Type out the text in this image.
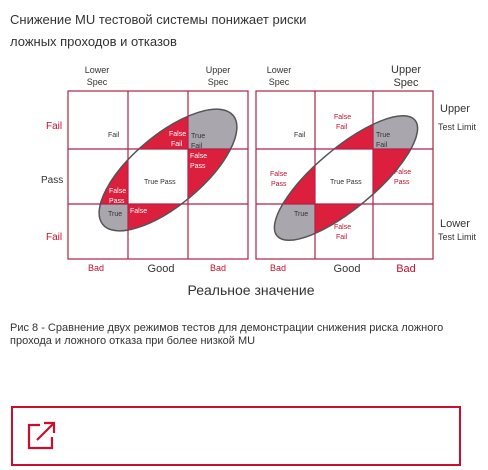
Снижение MU тестовой системы понижает риски
ложных проходов и отказов
Lower
Spec
Upper
Spec
Fail
Pass
Fail
Fail	False
Fail
True
Fail
True Pass
False
Pass
False
Pass
True False
Bad	Good	Bad
Lower
Spec
Upper
Spec
Upper
Test Limit
Lower
Test Limit
Fail
False
Fail
True
Fail
False
Pass	True Pass
False
Pass
True
False
Fail
Bad	Good	Bad
Реальное значение
Рис 8 - Сравнение двух режимов тестов для демонстрации снижения риска ложного прохода и ложного отказа при более низкой MU
